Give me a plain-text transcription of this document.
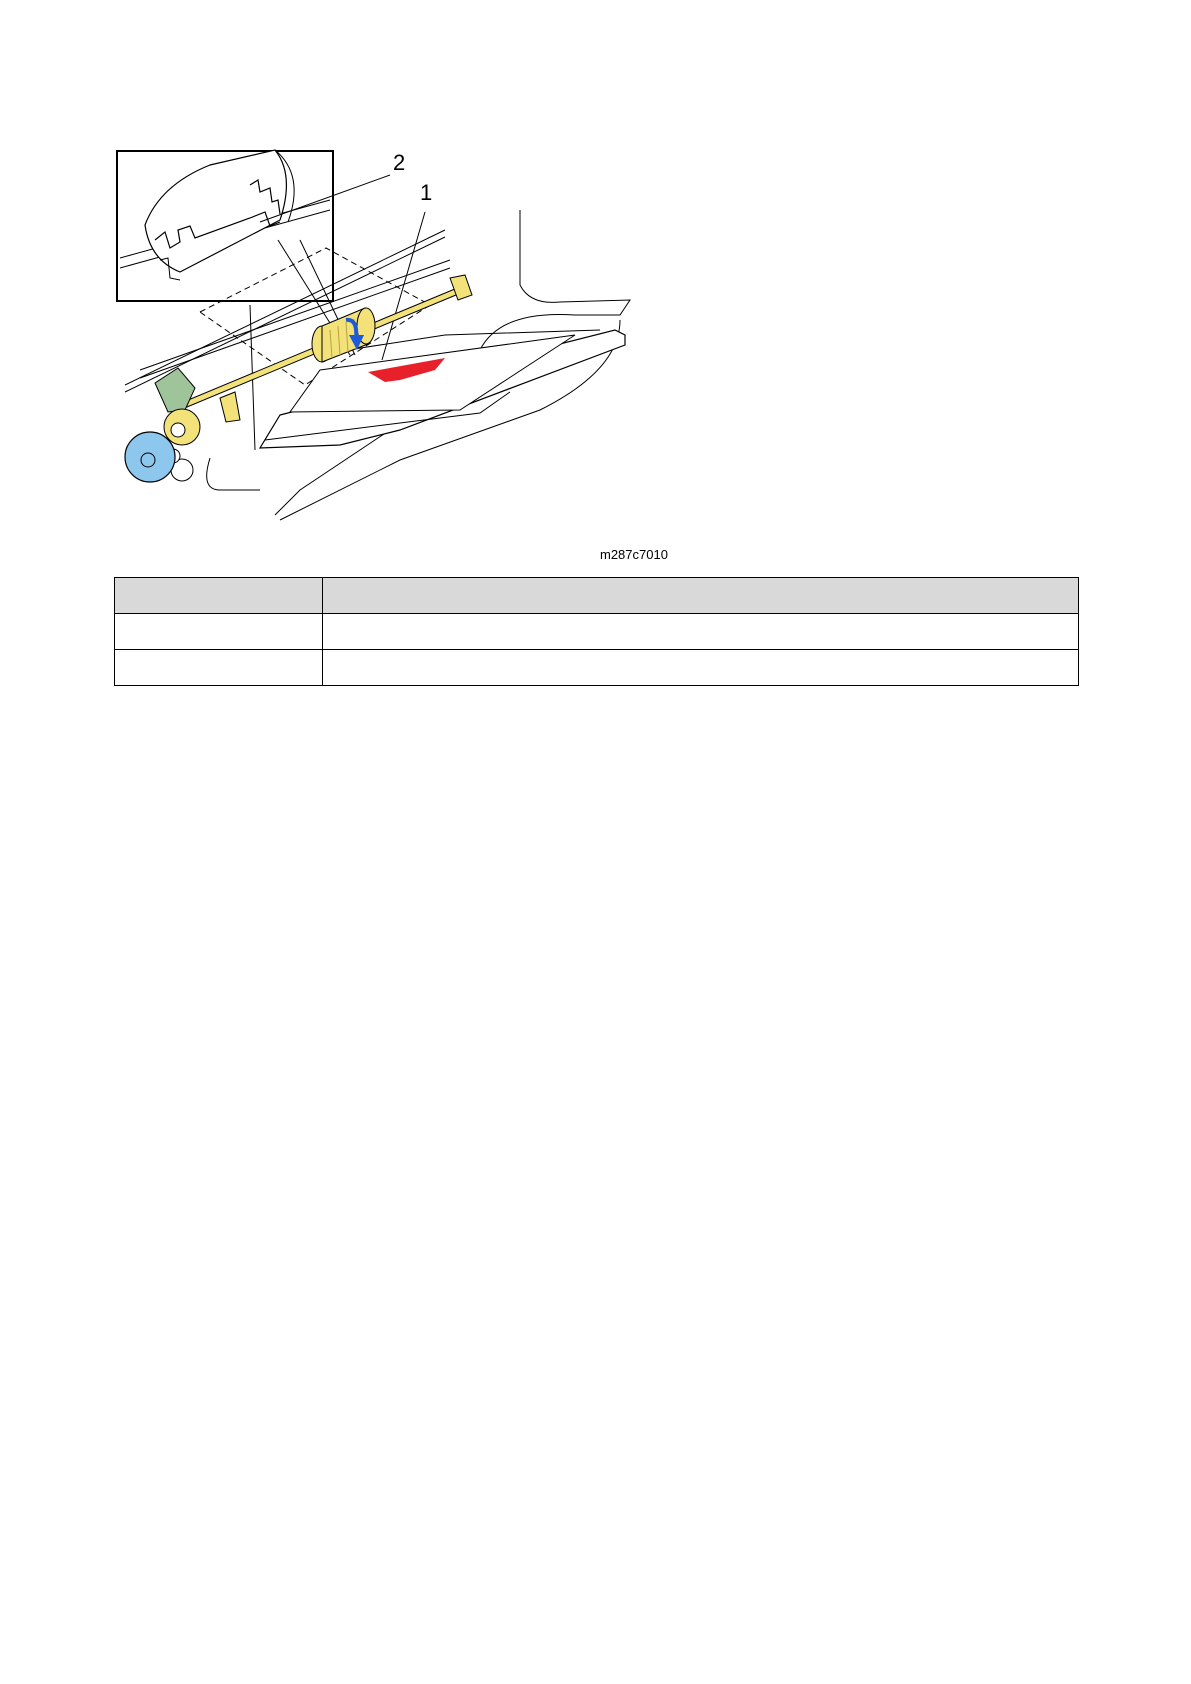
2
1
m287c7010
